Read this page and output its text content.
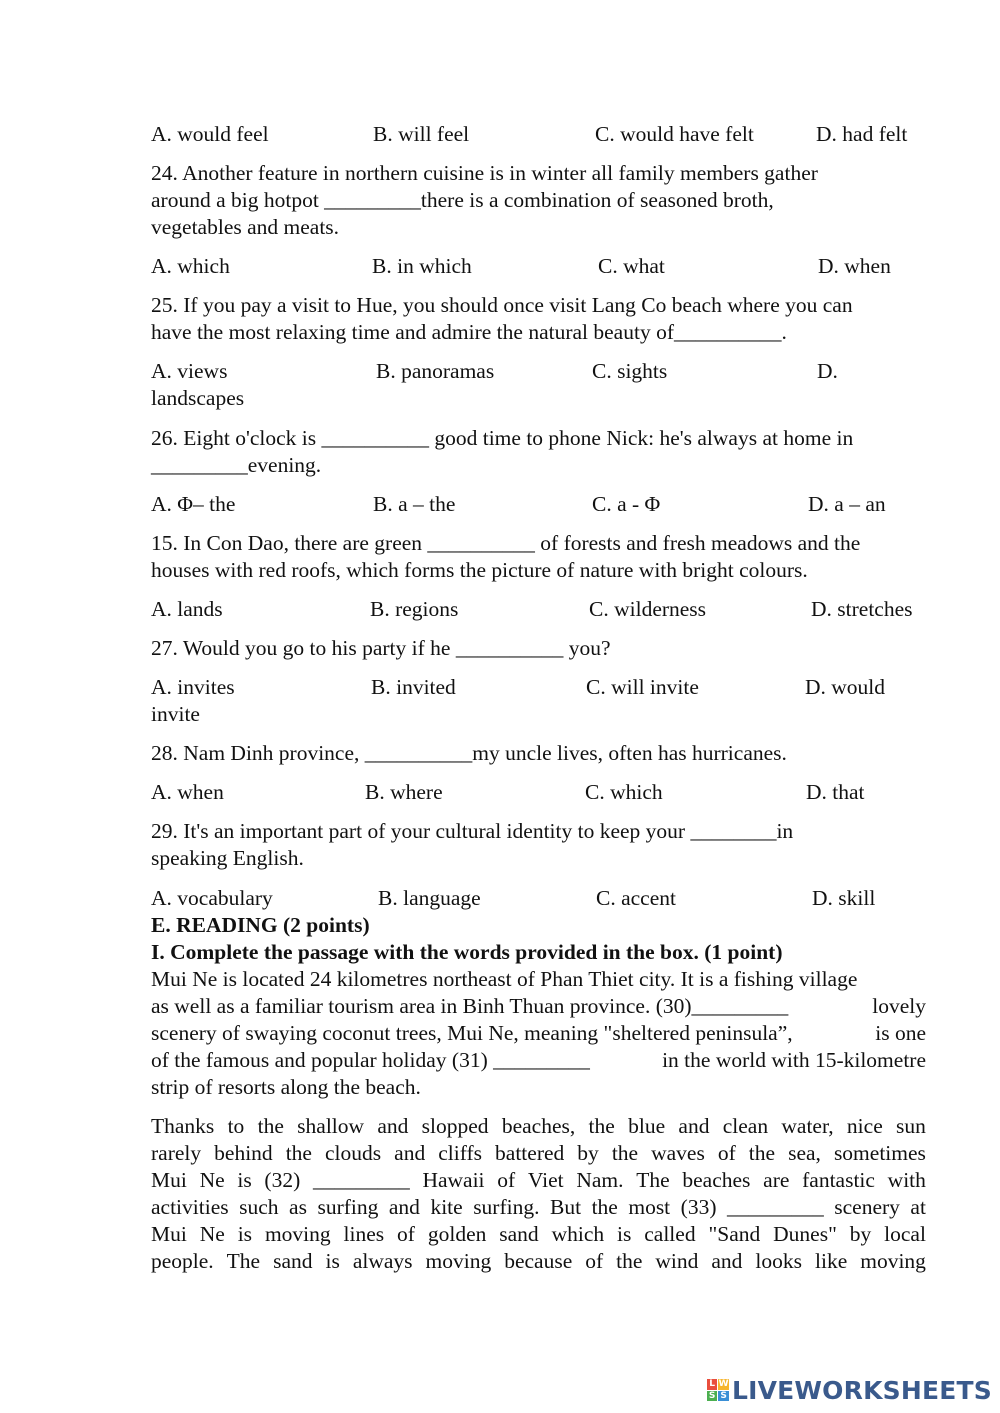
A. would feel	B. will feel	C. would have felt	D. had felt
24. Another feature in northern cuisine is in winter all family members gather
around a big hotpot _________there is a combination of seasoned broth,
vegetables and meats.
A. which	B. in which	C. what	D. when
25. If you pay a visit to Hue, you should once visit Lang Co beach where you can
have the most relaxing time and admire the natural beauty of__________.
A. views	B. panoramas	C. sights	D.
landscapes
26. Eight o'clock is __________ good time to phone Nick: he's always at home in
_________evening.
A. Φ– the	B. a – the	C. a - Φ	D. a – an
15. In Con Dao, there are green __________ of forests and fresh meadows and the
houses with red roofs, which forms the picture of nature with bright colours.
A. lands	B. regions	C. wilderness	D. stretches
27. Would you go to his party if he __________ you?
A. invites	B. invited	C. will invite	D. would
invite
28. Nam Dinh province, __________my uncle lives, often has hurricanes.
A. when	B. where	C. which	D. that
29. It's an important part of your cultural identity to keep your ________in
speaking English.
A. vocabulary	B. language	C. accent	D. skill
E. READING (2 points)
I. Complete the passage with the words provided in the box. (1 point)
Mui Ne is located 24 kilometres northeast of Phan Thiet city. It is a fishing village
as well as a familiar tourism area in Binh Thuan province. (30)_________	lovely
scenery of swaying coconut trees, Mui Ne, meaning "sheltered peninsula”,	is one
of the famous and popular holiday (31) _________	in the world with 15-kilometre
strip of resorts along the beach.
Thanks to the shallow and slopped beaches, the blue and clean water, nice sun
rarely behind the clouds and cliffs battered by the waves of the sea, sometimes
Mui Ne is (32) _________ Hawaii of Viet Nam. The beaches are fantastic with
activities such as surfing and kite surfing. But the most (33) _________ scenery at
Mui Ne is moving lines of golden sand which is called "Sand Dunes" by local
people. The sand is always moving because of the wind and looks like moving
L W
S S LIVEWORKSHEETS
